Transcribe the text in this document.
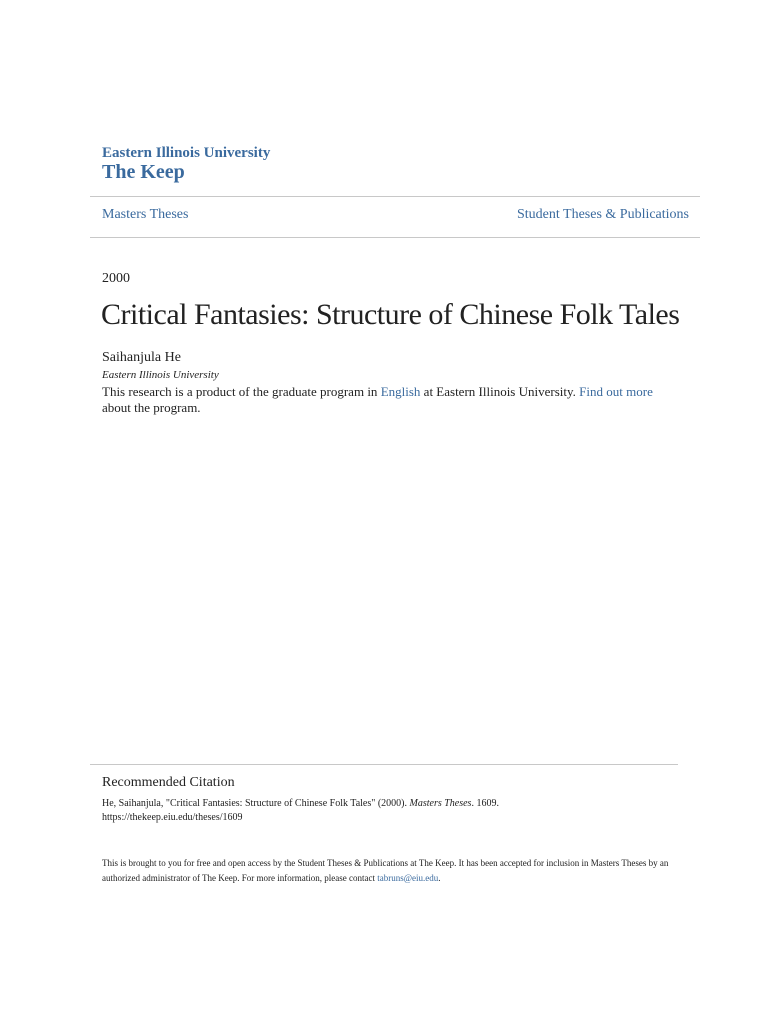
Eastern Illinois University
The Keep
Masters Theses	Student Theses & Publications
2000
Critical Fantasies: Structure of Chinese Folk Tales
Saihanjula He
Eastern Illinois University
This research is a product of the graduate program in English at Eastern Illinois University. Find out more about the program.
Recommended Citation
He, Saihanjula, "Critical Fantasies: Structure of Chinese Folk Tales" (2000). Masters Theses. 1609.
https://thekeep.eiu.edu/theses/1609
This is brought to you for free and open access by the Student Theses & Publications at The Keep. It has been accepted for inclusion in Masters Theses by an authorized administrator of The Keep. For more information, please contact tabruns@eiu.edu.
